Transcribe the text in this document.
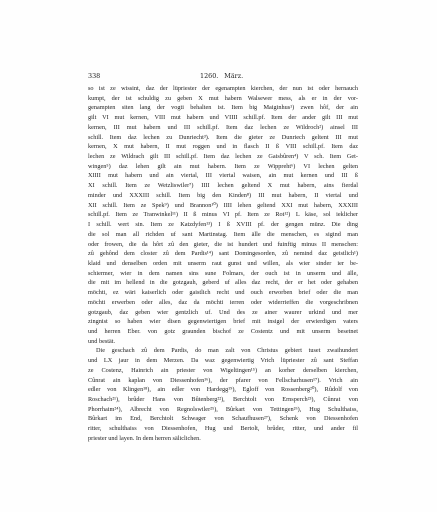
338	1260. März.
so ist ze wissint, daz der lüpriester der egenampten kierchen, der nun ist oder hernauch
kumpt, der ist schuldig zu geben X mut habern Walsewer mess, als er in der vor-
genampten siten lang der vogti behalten ist. Item big Maiginhus¹) zwen hôf, der ain
gilt VI mut kernen, VIII mut habern und VIIII schill.pf. Item der ander gilt III mut
kernen, III mut habern und III schill.pf. Item daz lechen ze Wildroch²) ainsel III
schill. Item daz lechen zu Dunriecht³). Item die gieter ze Dunriech geltent III mut
kernen, X mut habern, II mut roggen und in flasch II ß VIII schill.pf. Item daz
lechen ze Wildrach gilt III schill.pf. Item daz lechen ze Gaisbûren⁴) V sch. Item Get-
wingen⁵) daz lehen gilt ain mut habern. Item ze Wippreht⁶) VI lechen gelten
XIIII mut habern und ain viertal, III viertal waisen, ain mut kernen und III ß
XI schill. Item ze Wetzliswiler⁷) IIII lechen geltend X mut habern, ains fierdal
minder und XXXIII schill. Item big den Kinden⁸) III mut habern, II viertal und
XII schill. Item ze Spek⁹) und Brannon¹⁰) IIII lehen geltend XXI mut habern, XXXIII
schill.pf. Item ze Tranwinkel¹¹) II ß minus VI pf. Item ze Rot¹²) L käse, sol ieklicher
I schill. wert sin. Item ze Katzdyfen¹³) I ß XVIII pf. der gengen münz. Die ding
die sol man all richden uf sant Martinstag. Item älle die menschen, es sigind man
oder frowen, die da hôrt zû den gieter, die ist hundert und fuinftig minus II menschen:
zû gehônd dem closter zû dem Pardis¹⁴) sant Domingesorden, zû nemind daz geistlich¹)
klaid und denselben orden mit unserm raut gunst und willen, als wier sinder ier be-
schiermer, wier in dem namen sins sune Folmars, der ouch ist in unserm und älle,
die mit im hellend in die gotzgauh, geberd uf alles daz recht, der er het oder gehaben
möchti, ez wäri kaiserlich oder gaistlich recht und ouch erworben brief oder die man
möchti erwerben oder alles, daz da möchti ierren oder widerrieffen die vorgeschribnen
gotzgaub, daz geben wier gentzlich uf. Und des ze ainer waurer urkind und mer
zingnist so haben wier disen gegenwiertigen brief mit insigel der erwierdigen vaters
und herren Eber. von gotz graunden bischof ze Costentz und mit unserm besetnet
und bestät.
Die geschach zû dem Pardis, do man zalt von Christus gebiert tuset zwaihundert
und LX jaur in dem Merzen. Da waz gegenwiertig Vrich lüpriester zû sant Steffan
ze Costenz, Hainrich ain priester von Wigeltingen¹⁵) an korher derselben kierchen,
Cûnrat ain kaplan von Diessenhofen¹⁶), der pfarer von Fellscharhusen¹⁷). Vrich ain
edler von Klingen¹⁸), ain edler von Hardegg¹⁹), Egloff von Rossenberg²⁰), Rûdolf von
Roschach²¹), brûder Hans von Bûtenberg²²), Berchtolt von Ernsperch²³), Cûnrat von
Phorrhaim²⁴), Albrecht von Regnolswiler²⁵), Bûrkart von Tettingen²⁶), Hug Schulthaiss,
Bûrkart im End, Berchtolt Schwager von Schaufhusen²⁷), Schenk von Diessenhofen
ritter, schulthaiss von Diessenhofen, Hug und Bertolt, brûder, ritter, und ander fil
priester und layen. In dem herren säliclichen.
